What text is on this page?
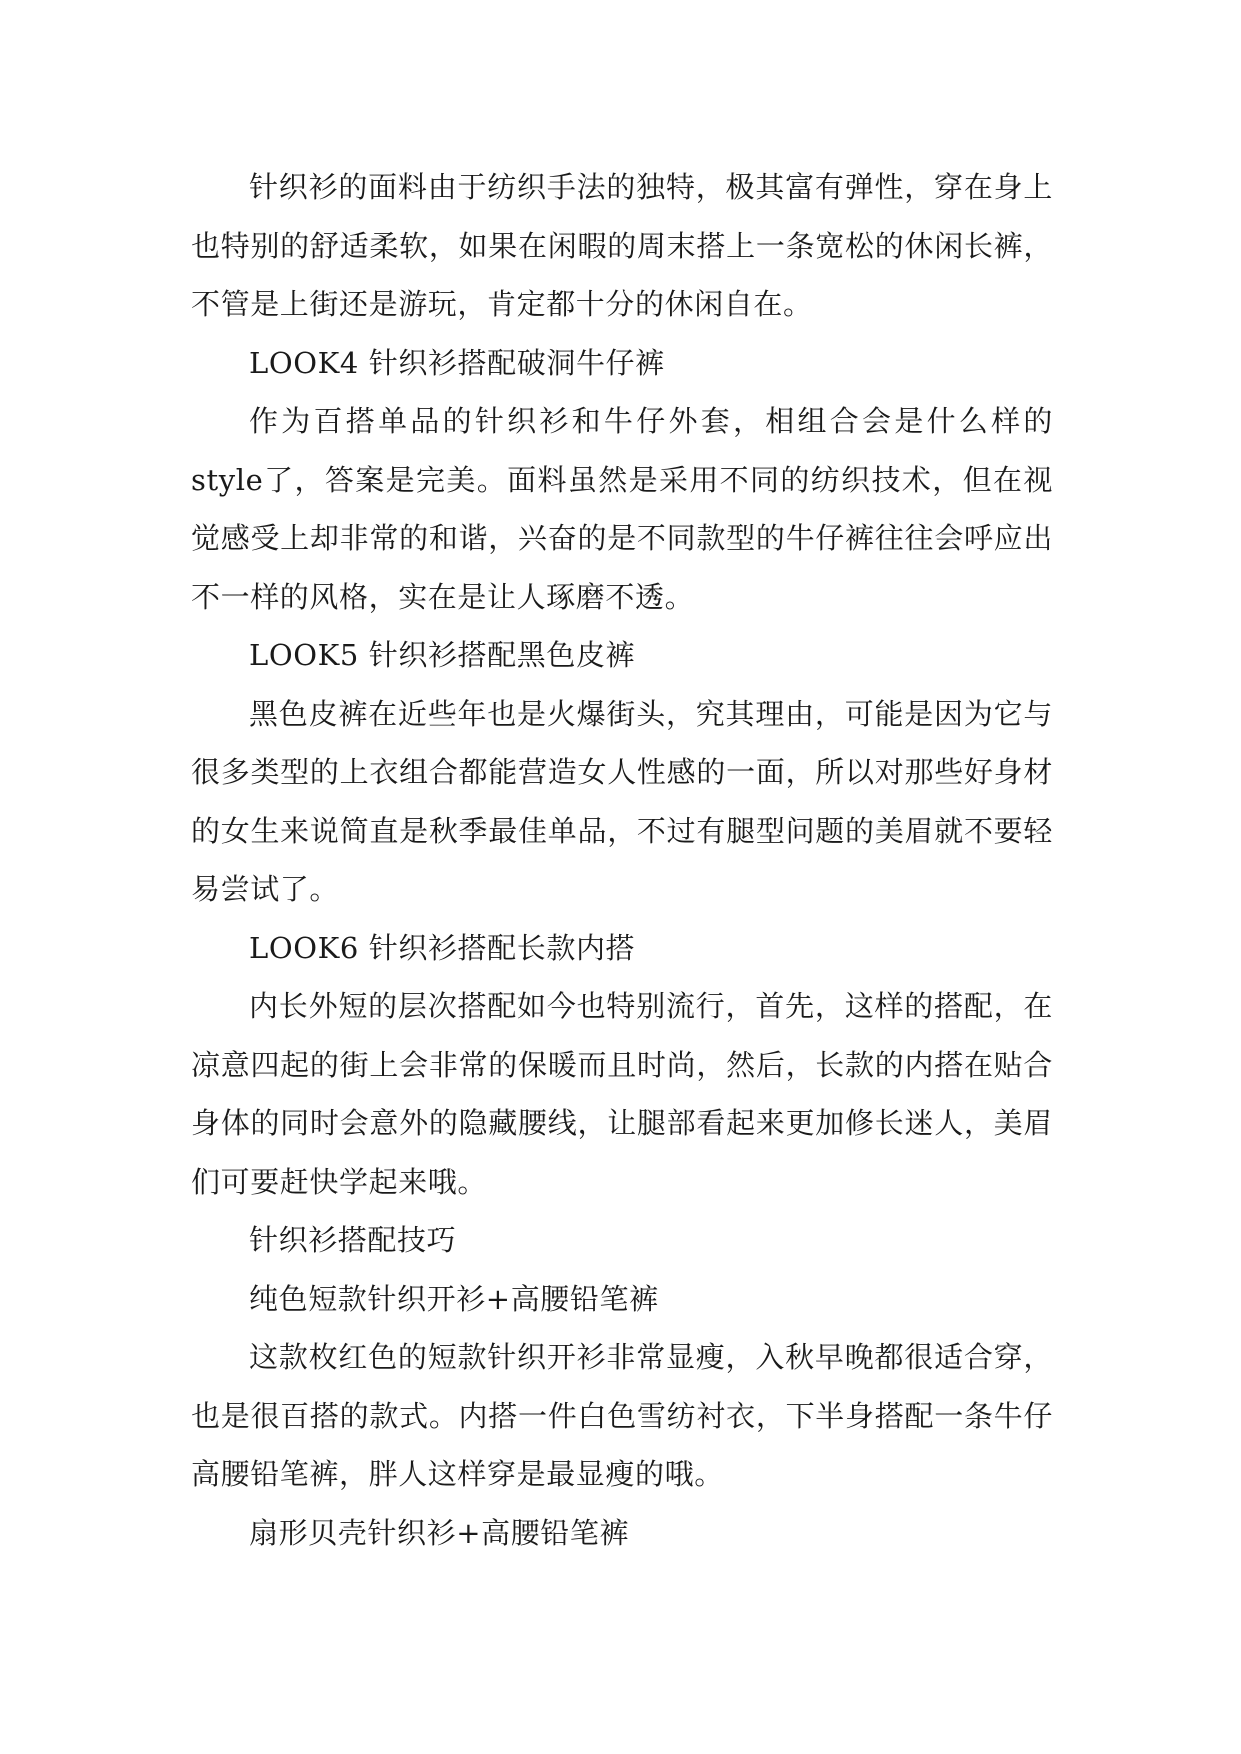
针织衫的面料由于纺织手法的独特，极其富有弹性，穿在身上也特别的舒适柔软，如果在闲暇的周末搭上一条宽松的休闲长裤，不管是上街还是游玩，肯定都十分的休闲自在。

LOOK4 针织衫搭配破洞牛仔裤

作为百搭单品的针织衫和牛仔外套，相组合会是什么样的style了，答案是完美。面料虽然是采用不同的纺织技术，但在视觉感受上却非常的和谐，兴奋的是不同款型的牛仔裤往往会呼应出不一样的风格，实在是让人琢磨不透。

LOOK5 针织衫搭配黑色皮裤

黑色皮裤在近些年也是火爆街头，究其理由，可能是因为它与很多类型的上衣组合都能营造女人性感的一面，所以对那些好身材的女生来说简直是秋季最佳单品，不过有腿型问题的美眉就不要轻易尝试了。

LOOK6 针织衫搭配长款内搭

内长外短的层次搭配如今也特别流行，首先，这样的搭配，在凉意四起的街上会非常的保暖而且时尚，然后，长款的内搭在贴合身体的同时会意外的隐藏腰线，让腿部看起来更加修长迷人，美眉们可要赶快学起来哦。

针织衫搭配技巧

纯色短款针织开衫+高腰铅笔裤

这款枚红色的短款针织开衫非常显瘦，入秋早晚都很适合穿，也是很百搭的款式。内搭一件白色雪纺衬衣，下半身搭配一条牛仔高腰铅笔裤，胖人这样穿是最显瘦的哦。

扇形贝壳针织衫+高腰铅笔裤
